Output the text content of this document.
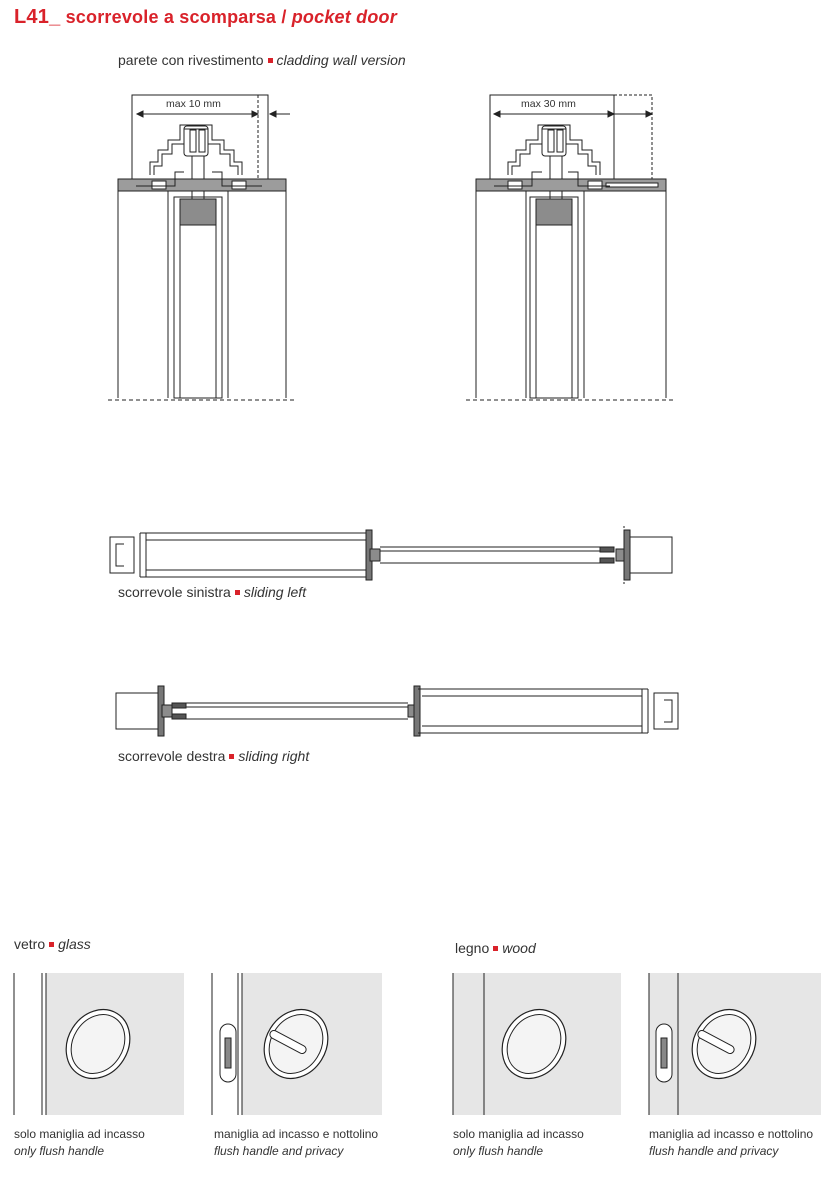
L41_ scorrevole a scomparsa / pocket door
parete con rivestimento cladding wall version
max 10 mm	max 30 mm
scorrevole sinistra sliding left
scorrevole destra sliding right
vetro glass	legno wood
solo maniglia ad incasso
only flush handle
maniglia ad incasso e nottolino
flush handle and privacy
solo maniglia ad incasso
only flush handle
maniglia ad incasso e nottolino
flush handle and privacy
